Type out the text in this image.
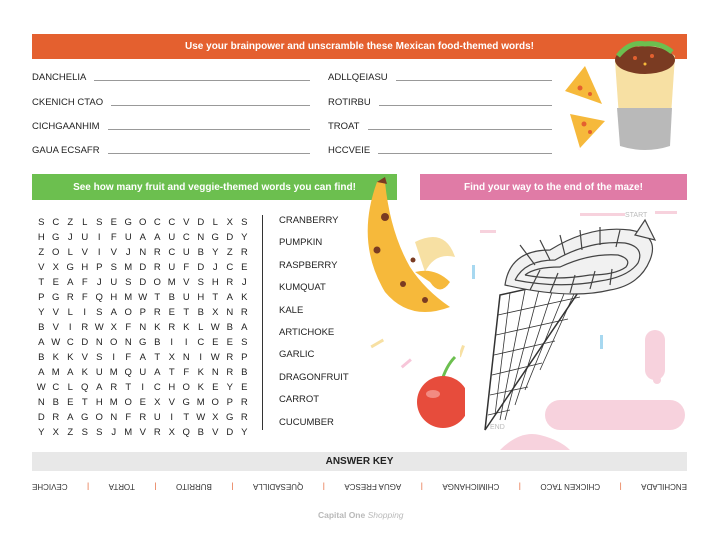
Use your brainpower and unscramble these Mexican food-themed words!
DANCHELIA
CKENICH CTAO
CICHGAANHIM
GAUA ECSAFR
ADLLQEIASU
ROTIRBU
TROAT
HCCVEIE
See how many fruit and veggie-themed words you can find!	Find your way to the end of the maze!
S C Z L S E G O C C V D L X S
H G J U	I	F U A A U C N G D Y
Z O L V	I	V J N R C U B Y Z R
V X G H P S M D R U F D J C E
T E A F J U S D O M V S H R J
P G R F Q H M W T B U H T A K
Y V L	I	S A O P R E T B X N R
B V	I	R W X F N K R K L W B A
A W C D N O N G B	I	I	C E E S
B K K V S	I	F A T X N	I W R P
A M A K U M Q U A T F K N R B
W C L Q A R T	I	C H O K E Y E
N B E T H M O E X V G M O P R
D R A G O N F R U	I	T W X G R
Y X Z S S J M V R X Q B V D Y
CRANBERRY
PUMPKIN
RASPBERRY
KUMQUAT
KALE
ARTICHOKE
GARLIC
DRAGONFRUIT
CARROT
CUCUMBER
START
END
ANSWER KEY
ENCHILADA
|
CHICKEN TACO
|
CHIMICHANGA
|
AGUA FRESCA
|
QUESADILLA
|
BURRITO
|
TORTA
|
CEVICHE
Capital One Shopping
